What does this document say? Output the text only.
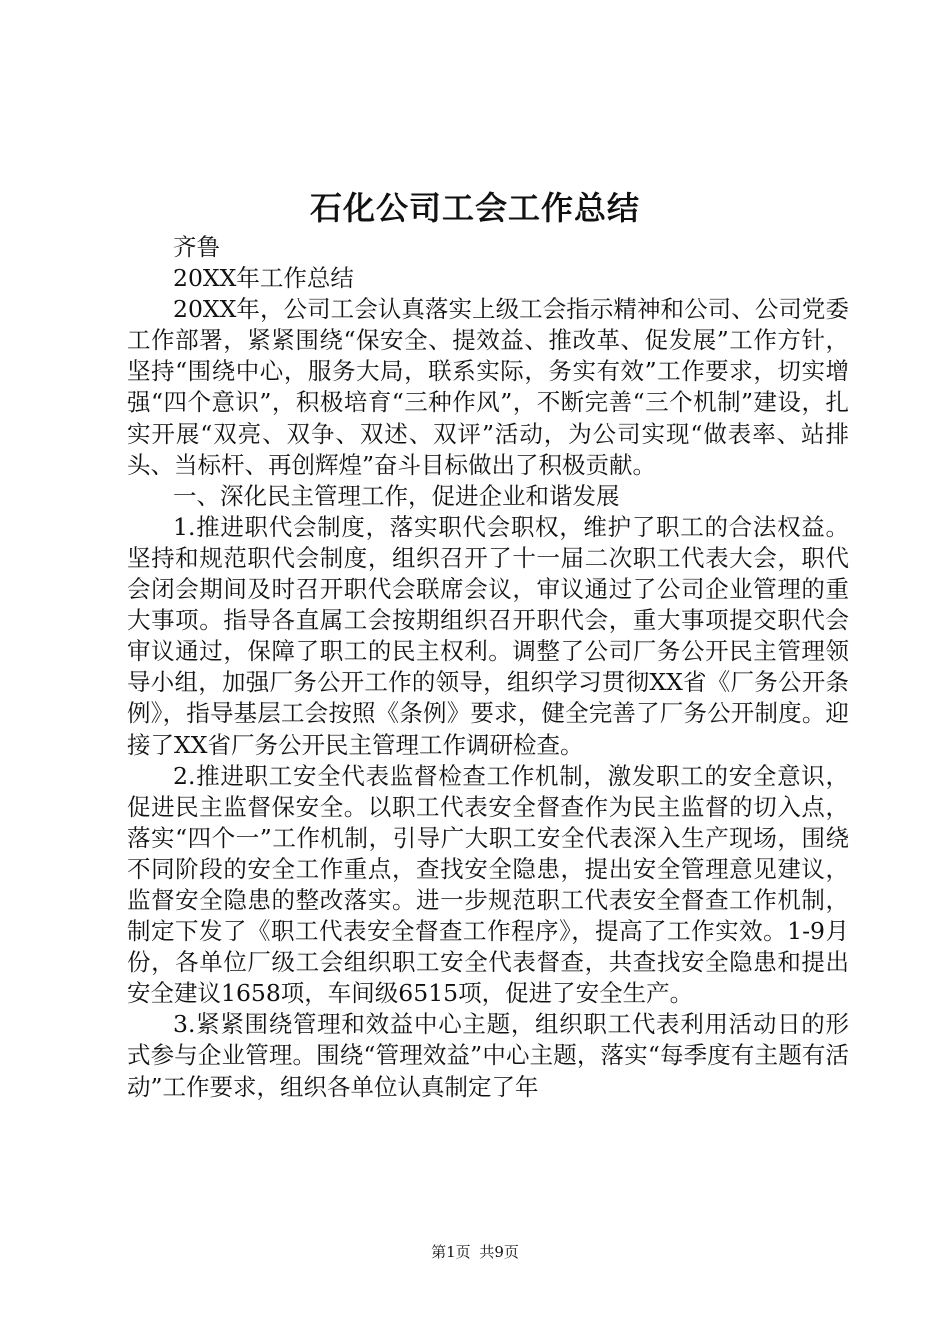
石化公司工会工作总结

齐鲁

20XX年工作总结

20XX年，公司工会认真落实上级工会指示精神和公司、公司党委工作部署，紧紧围绕“保安全、提效益、推改革、促发展”工作方针，坚持“围绕中心，服务大局，联系实际，务实有效”工作要求，切实增强“四个意识”，积极培育“三种作风”，不断完善“三个机制”建设，扎实开展“双亮、双争、双述、双评”活动，为公司实现“做表率、站排头、当标杆、再创辉煌”奋斗目标做出了积极贡献。

一、深化民主管理工作，促进企业和谐发展

1.推进职代会制度，落实职代会职权，维护了职工的合法权益。坚持和规范职代会制度，组织召开了十一届二次职工代表大会，职代会闭会期间及时召开职代会联席会议，审议通过了公司企业管理的重大事项。指导各直属工会按期组织召开职代会，重大事项提交职代会审议通过，保障了职工的民主权利。调整了公司厂务公开民主管理领导小组，加强厂务公开工作的领导，组织学习贯彻XX省《厂务公开条例》，指导基层工会按照《条例》要求，健全完善了厂务公开制度。迎接了XX省厂务公开民主管理工作调研检查。

2.推进职工安全代表监督检查工作机制，激发职工的安全意识，促进民主监督保安全。以职工代表安全督查作为民主监督的切入点，落实“四个一”工作机制，引导广大职工安全代表深入生产现场，围绕不同阶段的安全工作重点，查找安全隐患，提出安全管理意见建议，监督安全隐患的整改落实。进一步规范职工代表安全督查工作机制，制定下发了《职工代表安全督查工作程序》，提高了工作实效。1-9月份，各单位厂级工会组织职工安全代表督查，共查找安全隐患和提出安全建议1658项，车间级6515项，促进了安全生产。

3.紧紧围绕管理和效益中心主题，组织职工代表利用活动日的形式参与企业管理。围绕“管理效益”中心主题，落实“每季度有主题有活动”工作要求，组织各单位认真制定了年

第1页 共9页
